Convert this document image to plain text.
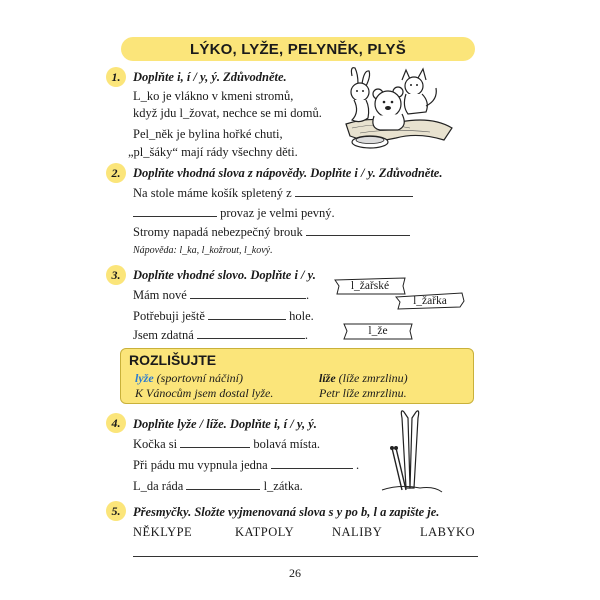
LÝKO, LYŽE, PELYNĚK, PLYŠ
1. Doplňte i, í / y, ý. Zdůvodněte.
L_ko je vlákno v kmeni stromů,
když jdu l_žovat, nechce se mi domů.
Pel_něk je bylina hořké chuti,
„pl_šáky“ mají rády všechny děti.
2. Doplňte vhodná slova z nápovědy. Doplňte i / y. Zdůvodněte.
Na stole máme košík spletený z
provaz je velmi pevný.
Stromy napadá nebezpečný brouk
Nápověda: l_ka, l_kožrout, l_kový.
3. Doplňte vhodné slovo. Doplňte i / y.
Mám nové	.
Potřebuji ještě	hole.
Jsem zdatná	.
l_žařské
l_žařka
l_že
ROZLIŠUJTE
lyže (sportovní náčiní)	líže (líže zmrzlinu)
K Vánocům jsem dostal lyže.	Petr líže zmrzlinu.
4. Doplňte lyže / líže. Doplňte i, í / y, ý.
Kočka si	bolavá místa.
Při pádu mu vypnula jedna	.
L_da ráda	l_zátka.
5. Přesmyčky. Složte vyjmenovaná slova s y po b, l a zapište je.
NĚKLYPE	KATPOLY	NALIBY	LABYKO
26
